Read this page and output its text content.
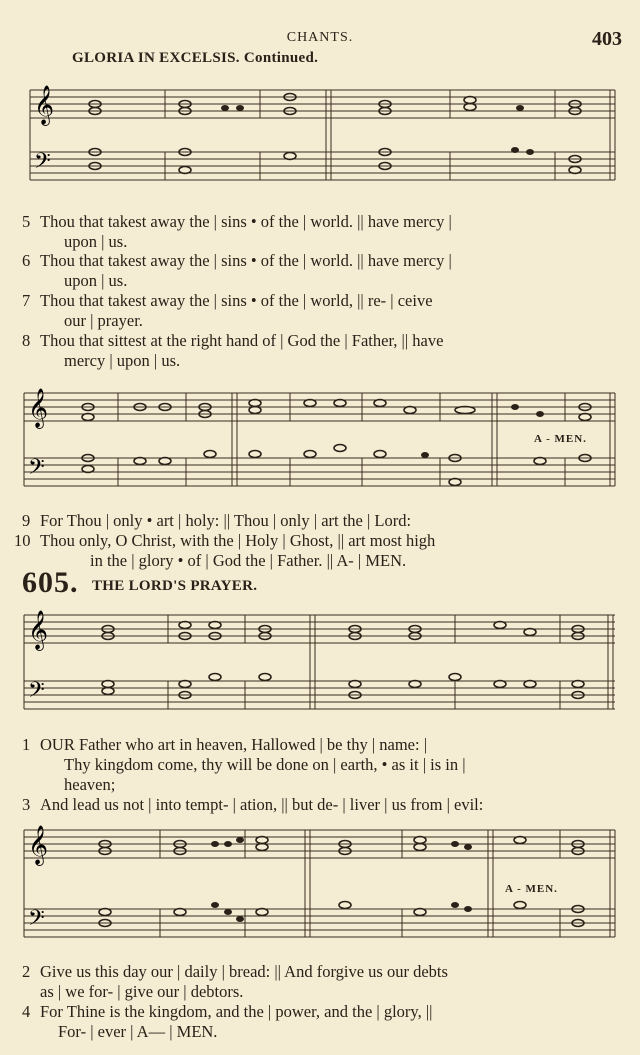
CHANTS.	403
GLORIA IN EXCELSIS. Continued.
𝄞
𝄢
5 Thou that takest away the | sins • of the | world. || have mercy |
upon | us.
6 Thou that takest away the | sins • of the | world. || have mercy |
upon | us.
7 Thou that takest away the | sins • of the | world, || re- | ceive
our | prayer.
8 Thou that sittest at the right hand of | God the | Father, || have
mercy | upon | us.
𝄞
𝄢
A - MEN.
9 For Thou | only • art | holy: || Thou | only | art the | Lord:
10 Thou only, O Christ, with the | Holy | Ghost, || art most high
in the | glory • of | God the | Father. || A- | MEN.
605. THE LORD'S PRAYER.
𝄞
𝄢
1 OUR Father who art in heaven, Hallowed | be thy | name: |
Thy kingdom come, thy will be done on | earth, • as it | is in |
heaven;
3 And lead us not | into tempt- | ation, || but de- | liver | us from | evil:
𝄞
𝄢
A - MEN.
2 Give us this day our | daily | bread: || And forgive us our debts
as | we for- | give our | debtors.
4 For Thine is the kingdom, and the | power, and the | glory, ||
For- | ever | A— | MEN.
